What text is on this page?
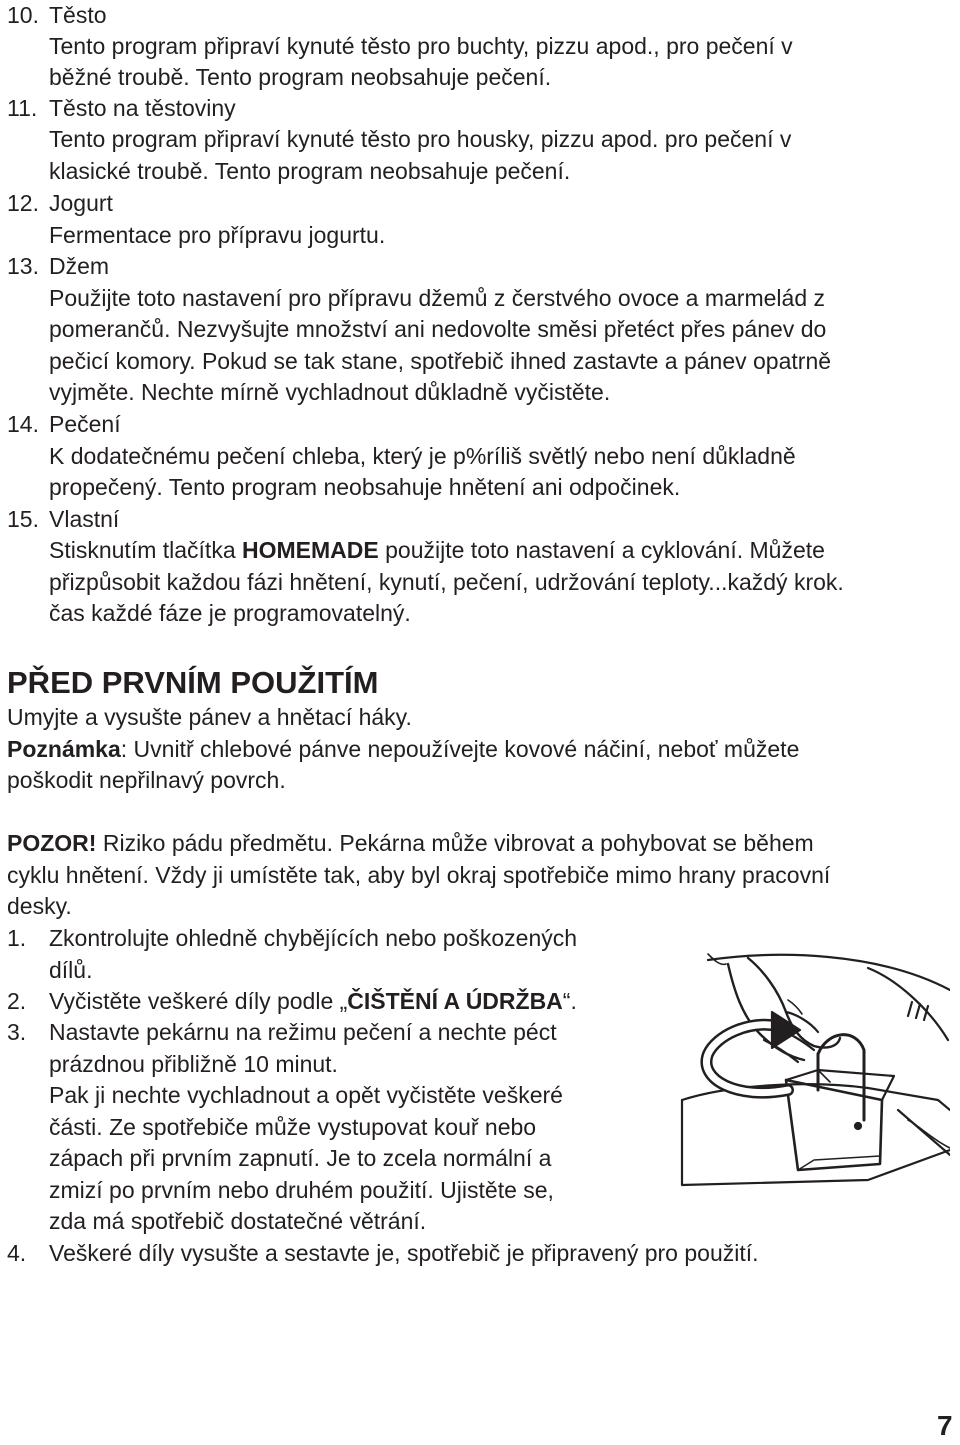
10. Těsto
Tento program připraví kynuté těsto pro buchty, pizzu apod., pro pečení v
běžné troubě. Tento program neobsahuje pečení.
11. Těsto na těstoviny
Tento program připraví kynuté těsto pro housky, pizzu apod. pro pečení v
klasické troubě. Tento program neobsahuje pečení.
12. Jogurt
Fermentace pro přípravu jogurtu.
13. Džem
Použijte toto nastavení pro přípravu džemů z čerstvého ovoce a marmelád z
pomerančů. Nezvyšujte množství ani nedovolte směsi přetéct přes pánev do
pečicí komory. Pokud se tak stane, spotřebič ihned zastavte a pánev opatrně
vyjměte. Nechte mírně vychladnout důkladně vyčistěte.
14. Pečení
K dodatečnému pečení chleba, který je p%ríliš světlý nebo není důkladně
propečený. Tento program neobsahuje hnětení ani odpočinek.
15. Vlastní
Stisknutím tlačítka HOMEMADE použijte toto nastavení a cyklování. Můžete
přizpůsobit každou fázi hnětení, kynutí, pečení, udržování teploty...každý krok.
čas každé fáze je programovatelný.
PŘED PRVNÍM POUŽITÍM
Umyjte a vysušte pánev a hnětací háky.
Poznámka: Uvnitř chlebové pánve nepoužívejte kovové náčiní, neboť můžete
poškodit nepřilnavý povrch.
POZOR! Riziko pádu předmětu. Pekárna může vibrovat a pohybovat se během
cyklu hnětení. Vždy ji umístěte tak, aby byl okraj spotřebiče mimo hrany pracovní
desky.
1. Zkontrolujte ohledně chybějících nebo poškozených
dílů.
2. Vyčistěte veškeré díly podle „ČIŠTĚNÍ A ÚDRŽBA“.
3. Nastavte pekárnu na režimu pečení a nechte péct
prázdnou přibližně 10 minut.
Pak ji nechte vychladnout a opět vyčistěte veškeré
části. Ze spotřebiče může vystupovat kouř nebo
zápach při prvním zapnutí. Je to zcela normální a
zmizí po prvním nebo druhém použití. Ujistěte se,
zda má spotřebič dostatečné větrání.
4. Veškeré díly vysušte a sestavte je, spotřebič je připravený pro použití.
7
